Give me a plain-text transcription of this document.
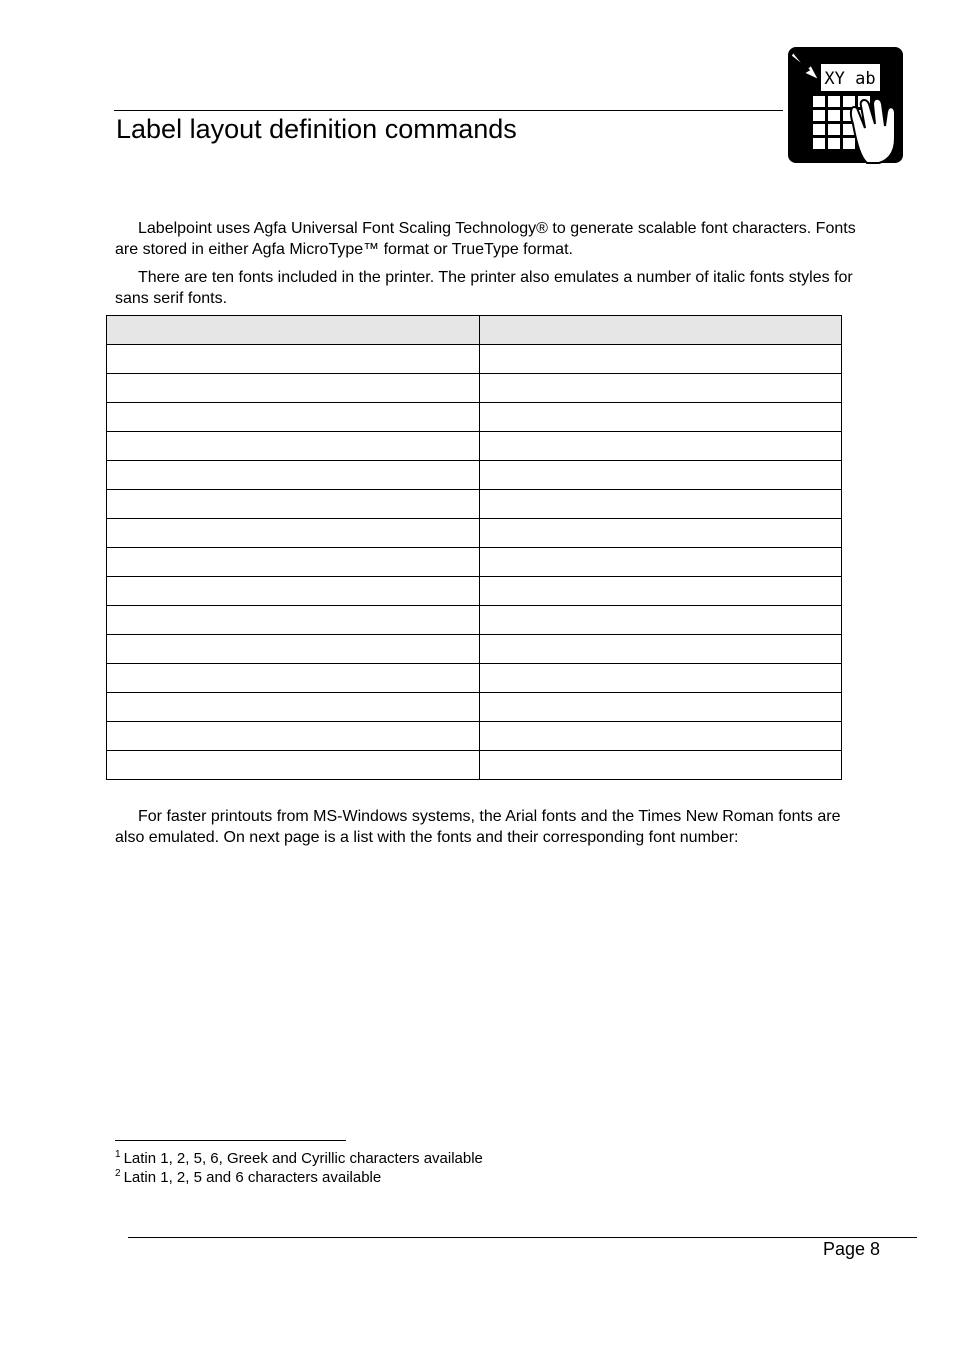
Label layout definition commands
XY ab

Labelpoint uses Agfa Universal Font Scaling Technology® to generate scalable font characters. Fonts are stored in either Agfa MicroType™ format or TrueType format.

There are ten fonts included in the printer. The printer also emulates a number of italic fonts styles for sans serif fonts.

For faster printouts from MS-Windows systems, the Arial fonts and the Times New Roman fonts are also emulated. On next page is a list with the fonts and their corresponding font number:

$^1$ Latin 1, 2, 5, 6, Greek and Cyrillic characters available
$^2$ Latin 1, 2, 5 and 6 characters available
Page 8
